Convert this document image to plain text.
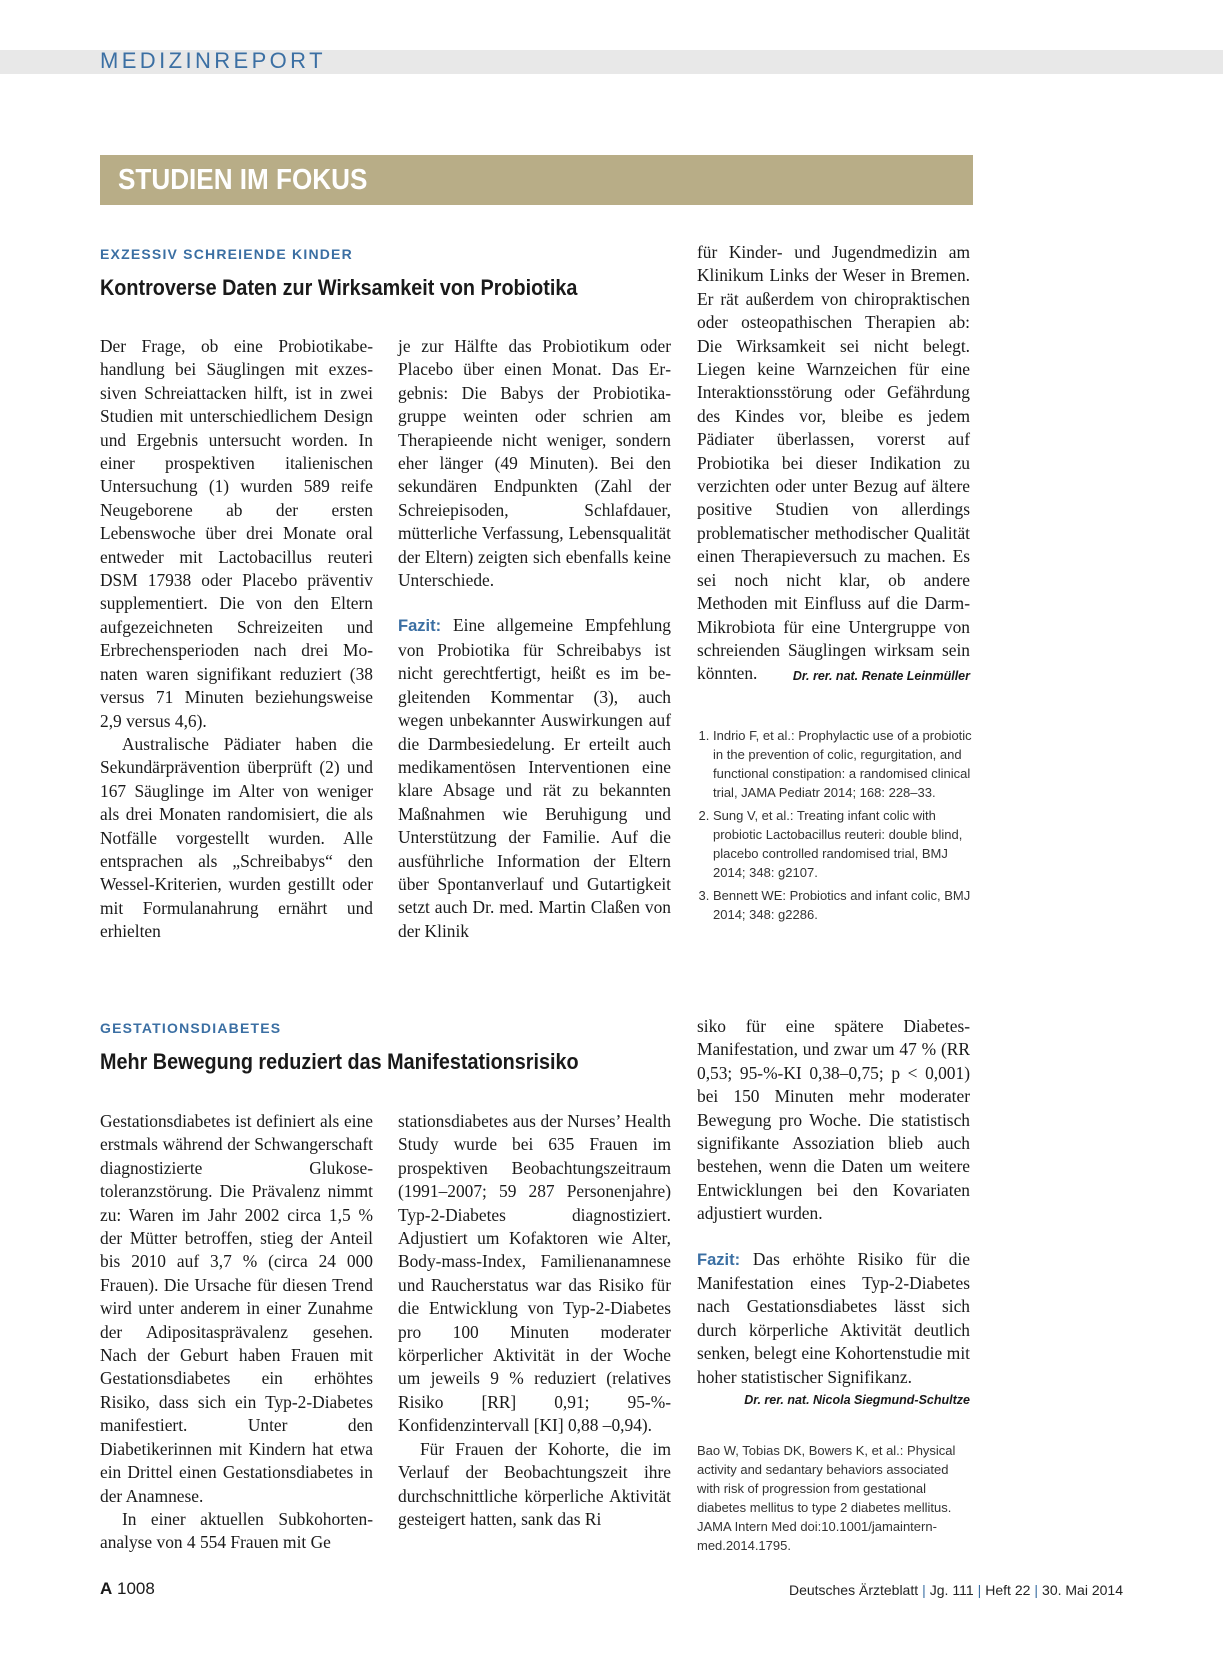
MEDIZINREPORT
STUDIEN IM FOKUS
EXZESSIV SCHREIENDE KINDER
Kontroverse Daten zur Wirksamkeit von Probiotika

Der Frage, ob eine Probiotikabehandlung bei Säuglingen mit exzessiven Schreiattacken hilft, ist in zwei Studien mit unterschiedlichem Design und Ergebnis untersucht worden. In einer prospektiven italienischen Untersuchung (1) wurden 589 reife Neugeborene ab der ersten Lebenswoche über drei Monate oral entweder mit Lactobacillus reuteri DSM 17938 oder Placebo präventiv supplementiert. Die von den Eltern aufgezeichneten Schreizeiten und Erbrechensperioden nach drei Monaten waren signifikant reduziert (38 versus 71 Minuten beziehungsweise 2,9 versus 4,6).

Australische Pädiater haben die Sekundärprävention überprüft (2) und 167 Säuglinge im Alter von weniger als drei Monaten randomisiert, die als Notfälle vorgestellt wurden. Alle entsprachen als „Schreibabys“ den Wessel-Kriterien, wurden gestillt oder mit Formulanahrung ernährt und erhielten

je zur Hälfte das Probiotikum oder Placebo über einen Monat. Das Ergebnis: Die Babys der Probiotikagruppe weinten oder schrien am Therapieende nicht weniger, sondern eher länger (49 Minuten). Bei den sekundären Endpunkten (Zahl der Schreiepisoden, Schlafdauer, mütterliche Verfassung, Lebensqualität der Eltern) zeigten sich ebenfalls keine Unterschiede.

Fazit: Eine allgemeine Empfehlung von Probiotika für Schreibabys ist nicht gerechtfertigt, heißt es im begleitenden Kommentar (3), auch wegen unbekannter Auswirkungen auf die Darmbesiedelung. Er erteilt auch medikamentösen Interventionen eine klare Absage und rät zu bekannten Maßnahmen wie Beruhigung und Unterstützung der Familie. Auf die ausführliche Information der Eltern über Spontanverlauf und Gutartigkeit setzt auch Dr. med. Martin Claßen von der Klinik

für Kinder- und Jugendmedizin am Klinikum Links der Weser in Bremen. Er rät außerdem von chiropraktischen oder osteopathischen Therapien ab: Die Wirksamkeit sei nicht belegt. Liegen keine Warnzeichen für eine Interaktionsstörung oder Gefährdung des Kindes vor, bleibe es jedem Pädiater überlassen, vorerst auf Probiotika bei dieser Indikation zu verzichten oder unter Bezug auf ältere positive Studien von allerdings problematischer methodischer Qualität einen Therapieversuch zu machen. Es sei noch nicht klar, ob andere Methoden mit Einfluss auf die Darm-Mikrobiota für eine Untergruppe von schreienden Säuglingen wirksam sein könnten.	Dr. rer. nat. Renate Leinmüller

1. Indrio F, et al.: Prophylactic use of a probiotic in the prevention of colic, regurgitation, and functional constipation: a randomised clinical trial, JAMA Pediatr 2014; 168: 228–33.
2. Sung V, et al.: Treating infant colic with probiotic Lactobacillus reuteri: double blind, placebo controlled randomised trial, BMJ 2014; 348: g2107.
3. Bennett WE: Probiotics and infant colic, BMJ 2014; 348: g2286.
GESTATIONSDIABETES
Mehr Bewegung reduziert das Manifestationsrisiko

Gestationsdiabetes ist definiert als eine erstmals während der Schwangerschaft diagnostizierte Glukosetoleranzstörung. Die Prävalenz nimmt zu: Waren im Jahr 2002 circa 1,5 % der Mütter betroffen, stieg der Anteil bis 2010 auf 3,7 % (circa 24 000 Frauen). Die Ursache für diesen Trend wird unter anderem in einer Zunahme der Adipositasprävalenz gesehen. Nach der Geburt haben Frauen mit Gestationsdiabetes ein erhöhtes Risiko, dass sich ein Typ-2-Diabetes manifestiert. Unter den Diabetikerinnen mit Kindern hat etwa ein Drittel einen Gestationsdiabetes in der Anamnese.

In einer aktuellen Subkohortenanalyse von 4 554 Frauen mit Ge

stationsdiabetes aus der Nurses’ Health Study wurde bei 635 Frauen im prospektiven Beobachtungszeitraum (1991–2007; 59 287 Personenjahre) Typ-2-Diabetes diagnostiziert. Adjustiert um Kofaktoren wie Alter, Body-mass-Index, Familienanamnese und Raucherstatus war das Risiko für die Entwicklung von Typ-2-Diabetes pro 100 Minuten moderater körperlicher Aktivität in der Woche um jeweils 9 % reduziert (relatives Risiko [RR] 0,91; 95-%-Konfidenzintervall [KI] 0,88 –0,94).

Für Frauen der Kohorte, die im Verlauf der Beobachtungszeit ihre durchschnittliche körperliche Aktivität gesteigert hatten, sank das Ri

siko für eine spätere Diabetes-Manifestation, und zwar um 47 % (RR 0,53; 95-%-KI 0,38–0,75; p < 0,001) bei 150 Minuten mehr moderater Bewegung pro Woche. Die statistisch signifikante Assoziation blieb auch bestehen, wenn die Daten um weitere Entwicklungen bei den Kovariaten adjustiert wurden.

Fazit: Das erhöhte Risiko für die Manifestation eines Typ-2-Diabetes nach Gestationsdiabetes lässt sich durch körperliche Aktivität deutlich senken, belegt eine Kohortenstudie mit hoher statistischer Signifikanz.

Dr. rer. nat. Nicola Siegmund-Schultze
Bao W, Tobias DK, Bowers K, et al.: Physical activity and sedantary behaviors associated with risk of progression from gestational diabetes mellitus to type 2 diabetes mellitus. JAMA Intern Med doi:10.1001/jamainternmed.2014.1795.
A 1008	Deutsches Ärzteblatt | Jg. 111 | Heft 22 | 30. Mai 2014
